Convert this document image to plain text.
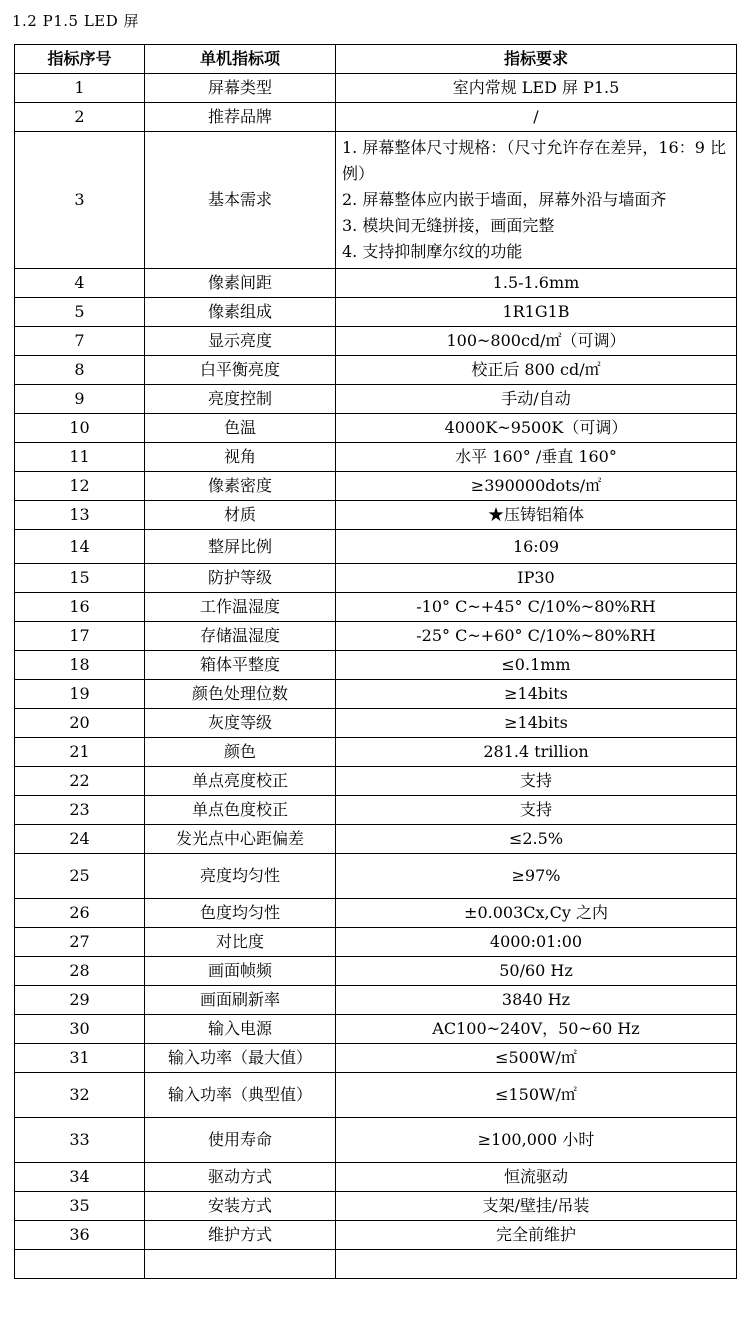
1.2 P1.5 LED 屏
指标序号	单机指标项	指标要求
1	屏幕类型	室内常规 LED 屏 P1.5
2	推荐品牌	/
3	基本需求	1. 屏幕整体尺寸规格：（尺寸允许存在差异，16：9 比例）
2. 屏幕整体应内嵌于墙面，屏幕外沿与墙面齐
3. 模块间无缝拼接，画面完整
4. 支持抑制摩尔纹的功能

4	像素间距	1.5-1.6mm
5	像素组成	1R1G1B
7	显示亮度	100~800cd/㎡（可调）
8	白平衡亮度	校正后 800 cd/㎡
9	亮度控制	手动/自动
10	色温	4000K~9500K（可调）
11	视角	水平 160° /垂直 160°
12	像素密度	≥390000dots/㎡
13	材质	★压铸铝箱体
14	整屏比例	16:09
15	防护等级	IP30
16	工作温湿度	-10° C~+45° C/10%~80%RH
17	存储温湿度	-25° C~+60° C/10%~80%RH
18	箱体平整度	≤0.1mm
19	颜色处理位数	≥14bits
20	灰度等级	≥14bits
21	颜色	281.4 trillion
22	单点亮度校正	支持
23	单点色度校正	支持
24	发光点中心距偏差	≤2.5%
25	亮度均匀性	≥97%
26	色度均匀性	±0.003Cx,Cy 之内
27	对比度	4000:01:00
28	画面帧频	50/60 Hz
29	画面刷新率	3840 Hz
30	输入电源	AC100~240V，50~60 Hz
31	输入功率（最大值）	≤500W/㎡
32	输入功率（典型值）	≤150W/㎡
33	使用寿命	≥100,000 小时
34	驱动方式	恒流驱动
35	安装方式	支架/壁挂/吊装
36	维护方式	完全前维护
